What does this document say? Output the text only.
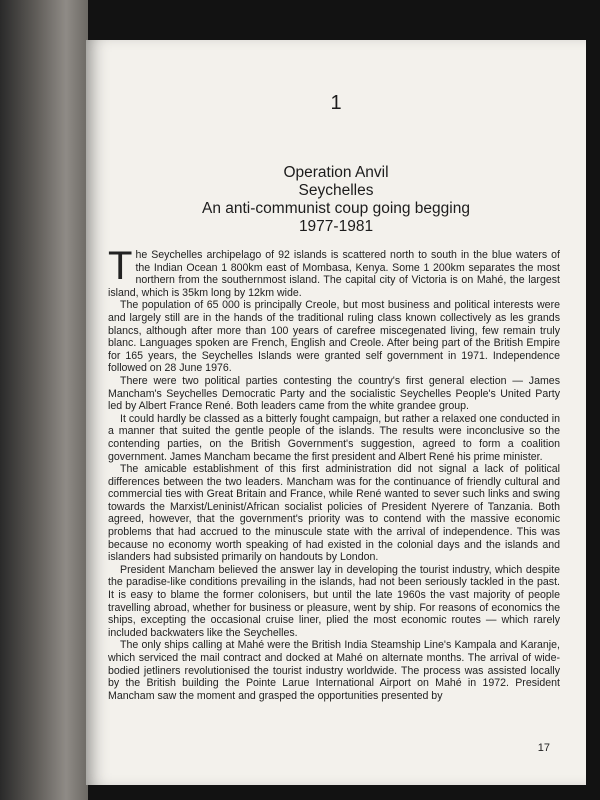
1
Operation Anvil
Seychelles
An anti-communist coup going begging
1977-1981

The Seychelles archipelago of 92 islands is scattered north to south in the blue waters of the Indian Ocean 1 800km east of Mombasa, Kenya. Some 1 200km separates the most northern from the southernmost island. The capital city of Victoria is on Mahé, the largest island, which is 35km long by 12km wide.

The population of 65 000 is principally Creole, but most business and political interests were and largely still are in the hands of the traditional ruling class known collectively as les grands blancs, although after more than 100 years of carefree miscegenated living, few remain truly blanc. Languages spoken are French, English and Creole. After being part of the British Empire for 165 years, the Seychelles Islands were granted self government in 1971. Independence followed on 28 June 1976.

There were two political parties contesting the country's first general election — James Mancham's Seychelles Democratic Party and the socialistic Seychelles People's United Party led by Albert France René. Both leaders came from the white grandee group.

It could hardly be classed as a bitterly fought campaign, but rather a relaxed one conducted in a manner that suited the gentle people of the islands. The results were inconclusive so the contending parties, on the British Government's suggestion, agreed to form a coalition government. James Mancham became the first president and Albert René his prime minister.

The amicable establishment of this first administration did not signal a lack of political differences between the two leaders. Mancham was for the continuance of friendly cultural and commercial ties with Great Britain and France, while René wanted to sever such links and swing towards the Marxist/Leninist/African socialist policies of President Nyerere of Tanzania. Both agreed, however, that the government's priority was to contend with the massive economic problems that had accrued to the minuscule state with the arrival of independence. This was because no economy worth speaking of had existed in the colonial days and the islands and islanders had subsisted primarily on handouts by London.

President Mancham believed the answer lay in developing the tourist industry, which despite the paradise-like conditions prevailing in the islands, had not been seriously tackled in the past. It is easy to blame the former colonisers, but until the late 1960s the vast majority of people travelling abroad, whether for business or pleasure, went by ship. For reasons of economics the ships, excepting the occasional cruise liner, plied the most economic routes — which rarely included backwaters like the Seychelles.

The only ships calling at Mahé were the British India Steamship Line's Kampala and Karanje, which serviced the mail contract and docked at Mahé on alternate months. The arrival of wide-bodied jetliners revolutionised the tourist industry worldwide. The process was assisted locally by the British building the Pointe Larue International Airport on Mahé in 1972. President Mancham saw the moment and grasped the opportunities presented by

17
